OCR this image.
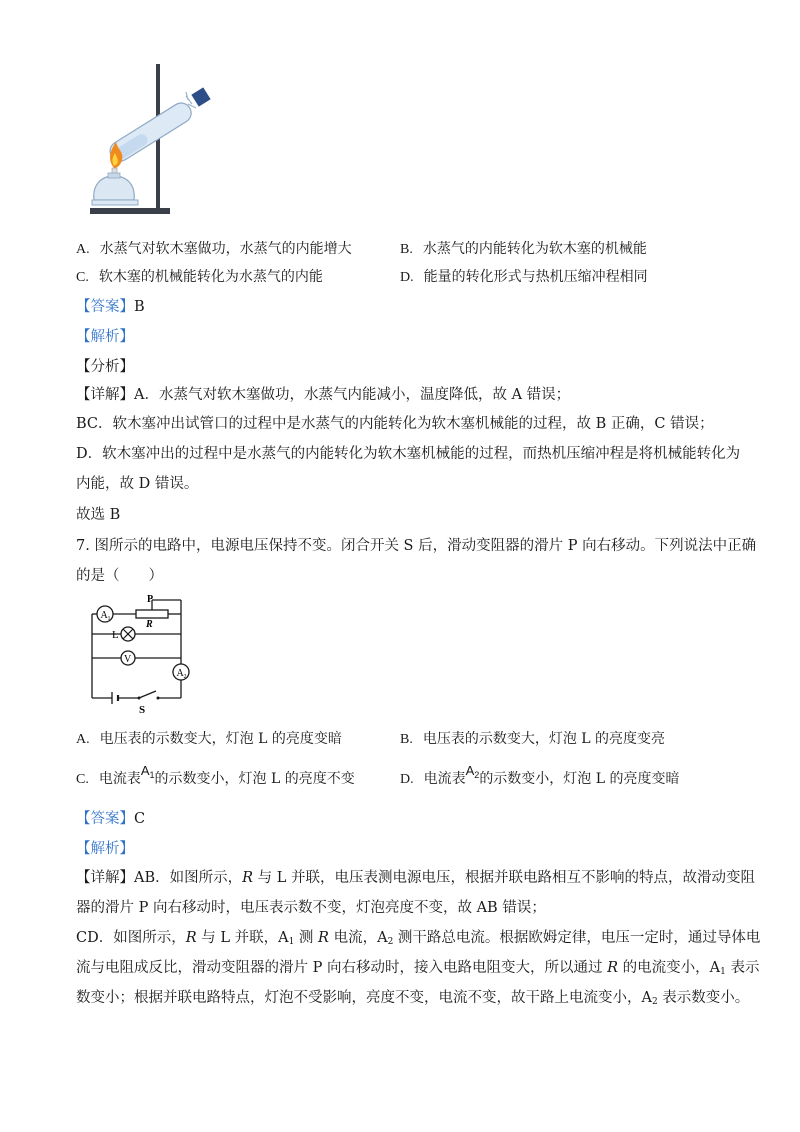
A. 水蒸气对软木塞做功，水蒸气的内能增大	B. 水蒸气的内能转化为软木塞的机械能
C. 软木塞的机械能转化为水蒸气的内能	D. 能量的转化形式与热机压缩冲程相同
【答案】B
【解析】
【分析】
【详解】A．水蒸气对软木塞做功，水蒸气内能减小，温度降低，故 A 错误；
BC．软木塞冲出试管口的过程中是水蒸气的内能转化为软木塞机械能的过程，故 B 正确，C 错误；
D．软木塞冲出的过程中是水蒸气的内能转化为软木塞机械能的过程，而热机压缩冲程是将机械能转化为
内能，故 D 错误。
故选 B
7. 图所示的电路中，电源电压保持不变。闭合开关 S 后，滑动变阻器的滑片 P 向右移动。下列说法中正确
的是（　　）
A 1
V
A 2
L
P
R
S
A. 电压表的示数变大，灯泡 L 的亮度变暗	B. 电压表的示数变大，灯泡 L 的亮度变亮
C. 电流表$A_1$的示数变小，灯泡 L 的亮度不变	D. 电流表$A_2$的示数变小，灯泡 L 的亮度变暗
【答案】C
【解析】
【详解】AB．如图所示，R 与 L 并联，电压表测电源电压，根据并联电路相互不影响的特点，故滑动变阻
器的滑片 P 向右移动时，电压表示数不变，灯泡亮度不变，故 AB 错误；
CD．如图所示，R 与 L 并联，$A_1$ 测 R 电流，$A_2$ 测干路总电流。根据欧姆定律，电压一定时，通过导体电
流与电阻成反比，滑动变阻器的滑片 P 向右移动时，接入电路电阻变大，所以通过 R 的电流变小，$A_1$ 表示
数变小；根据并联电路特点，灯泡不受影响，亮度不变，电流不变，故干路上电流变小，$A_2$ 表示数变小。
